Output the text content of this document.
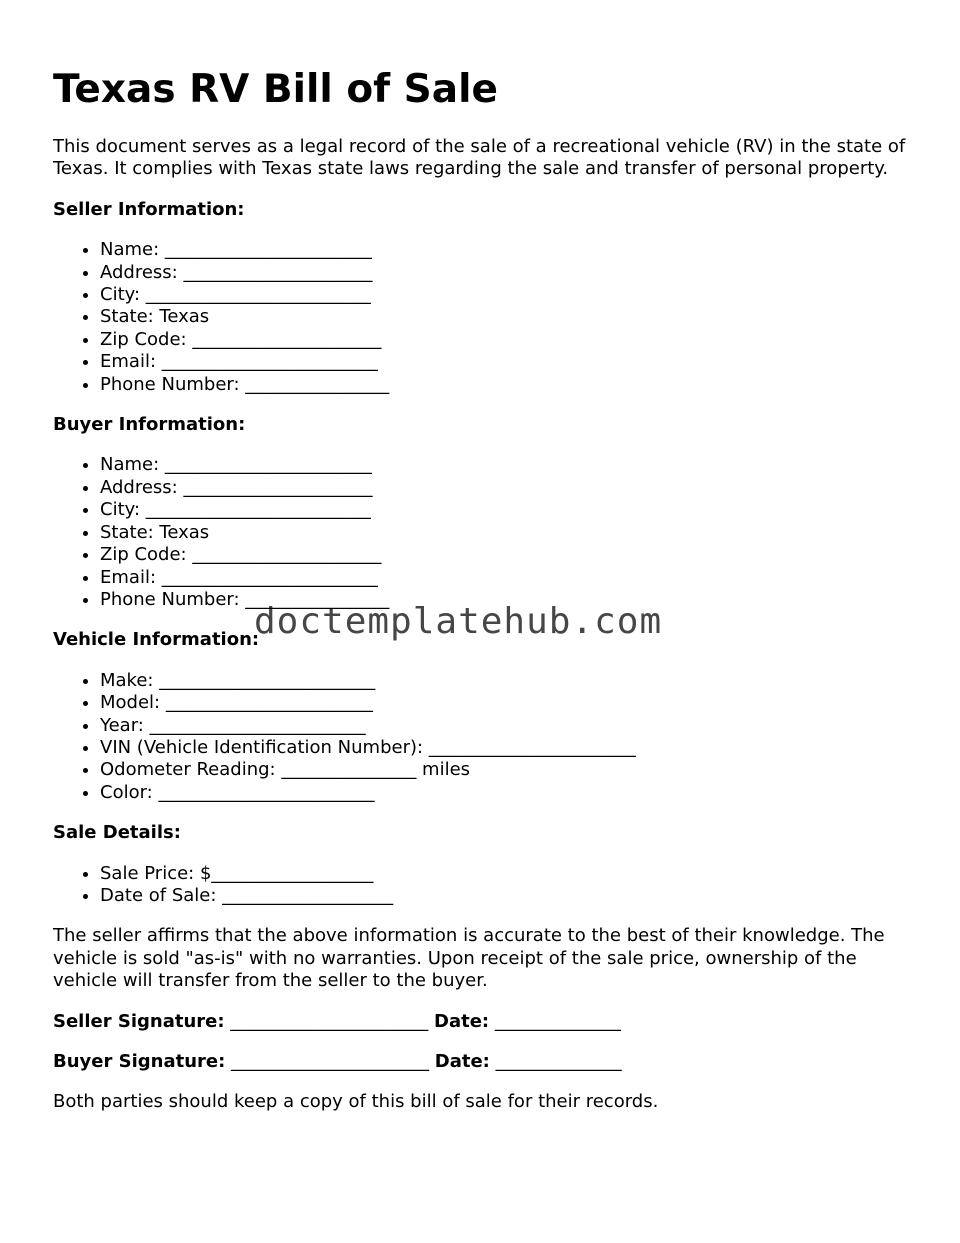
Texas RV Bill of Sale

This document serves as a legal record of the sale of a recreational vehicle (RV) in the state of Texas. It complies with Texas state laws regarding the sale and transfer of personal property.

Seller Information:

• Name: _______________________
• Address: _____________________
• City: _________________________
• State: Texas
• Zip Code: _____________________
• Email: ________________________
• Phone Number: ________________

Buyer Information:

• Name: _______________________
• Address: _____________________
• City: _________________________
• State: Texas
• Zip Code: _____________________
• Email: ________________________
• Phone Number: ________________

Vehicle Information:

• Make: ________________________
• Model: _______________________
• Year: ________________________
• VIN (Vehicle Identification Number): _______________________
• Odometer Reading: _______________ miles
• Color: ________________________

Sale Details:

• Sale Price: $__________________
• Date of Sale: ___________________

The seller affirms that the above information is accurate to the best of their knowledge. The vehicle is sold "as-is" with no warranties. Upon receipt of the sale price, ownership of the vehicle will transfer from the seller to the buyer.

Seller Signature: ______________________ Date: ______________

Buyer Signature: ______________________ Date: ______________

Both parties should keep a copy of this bill of sale for their records.

doctemplatehub.com
